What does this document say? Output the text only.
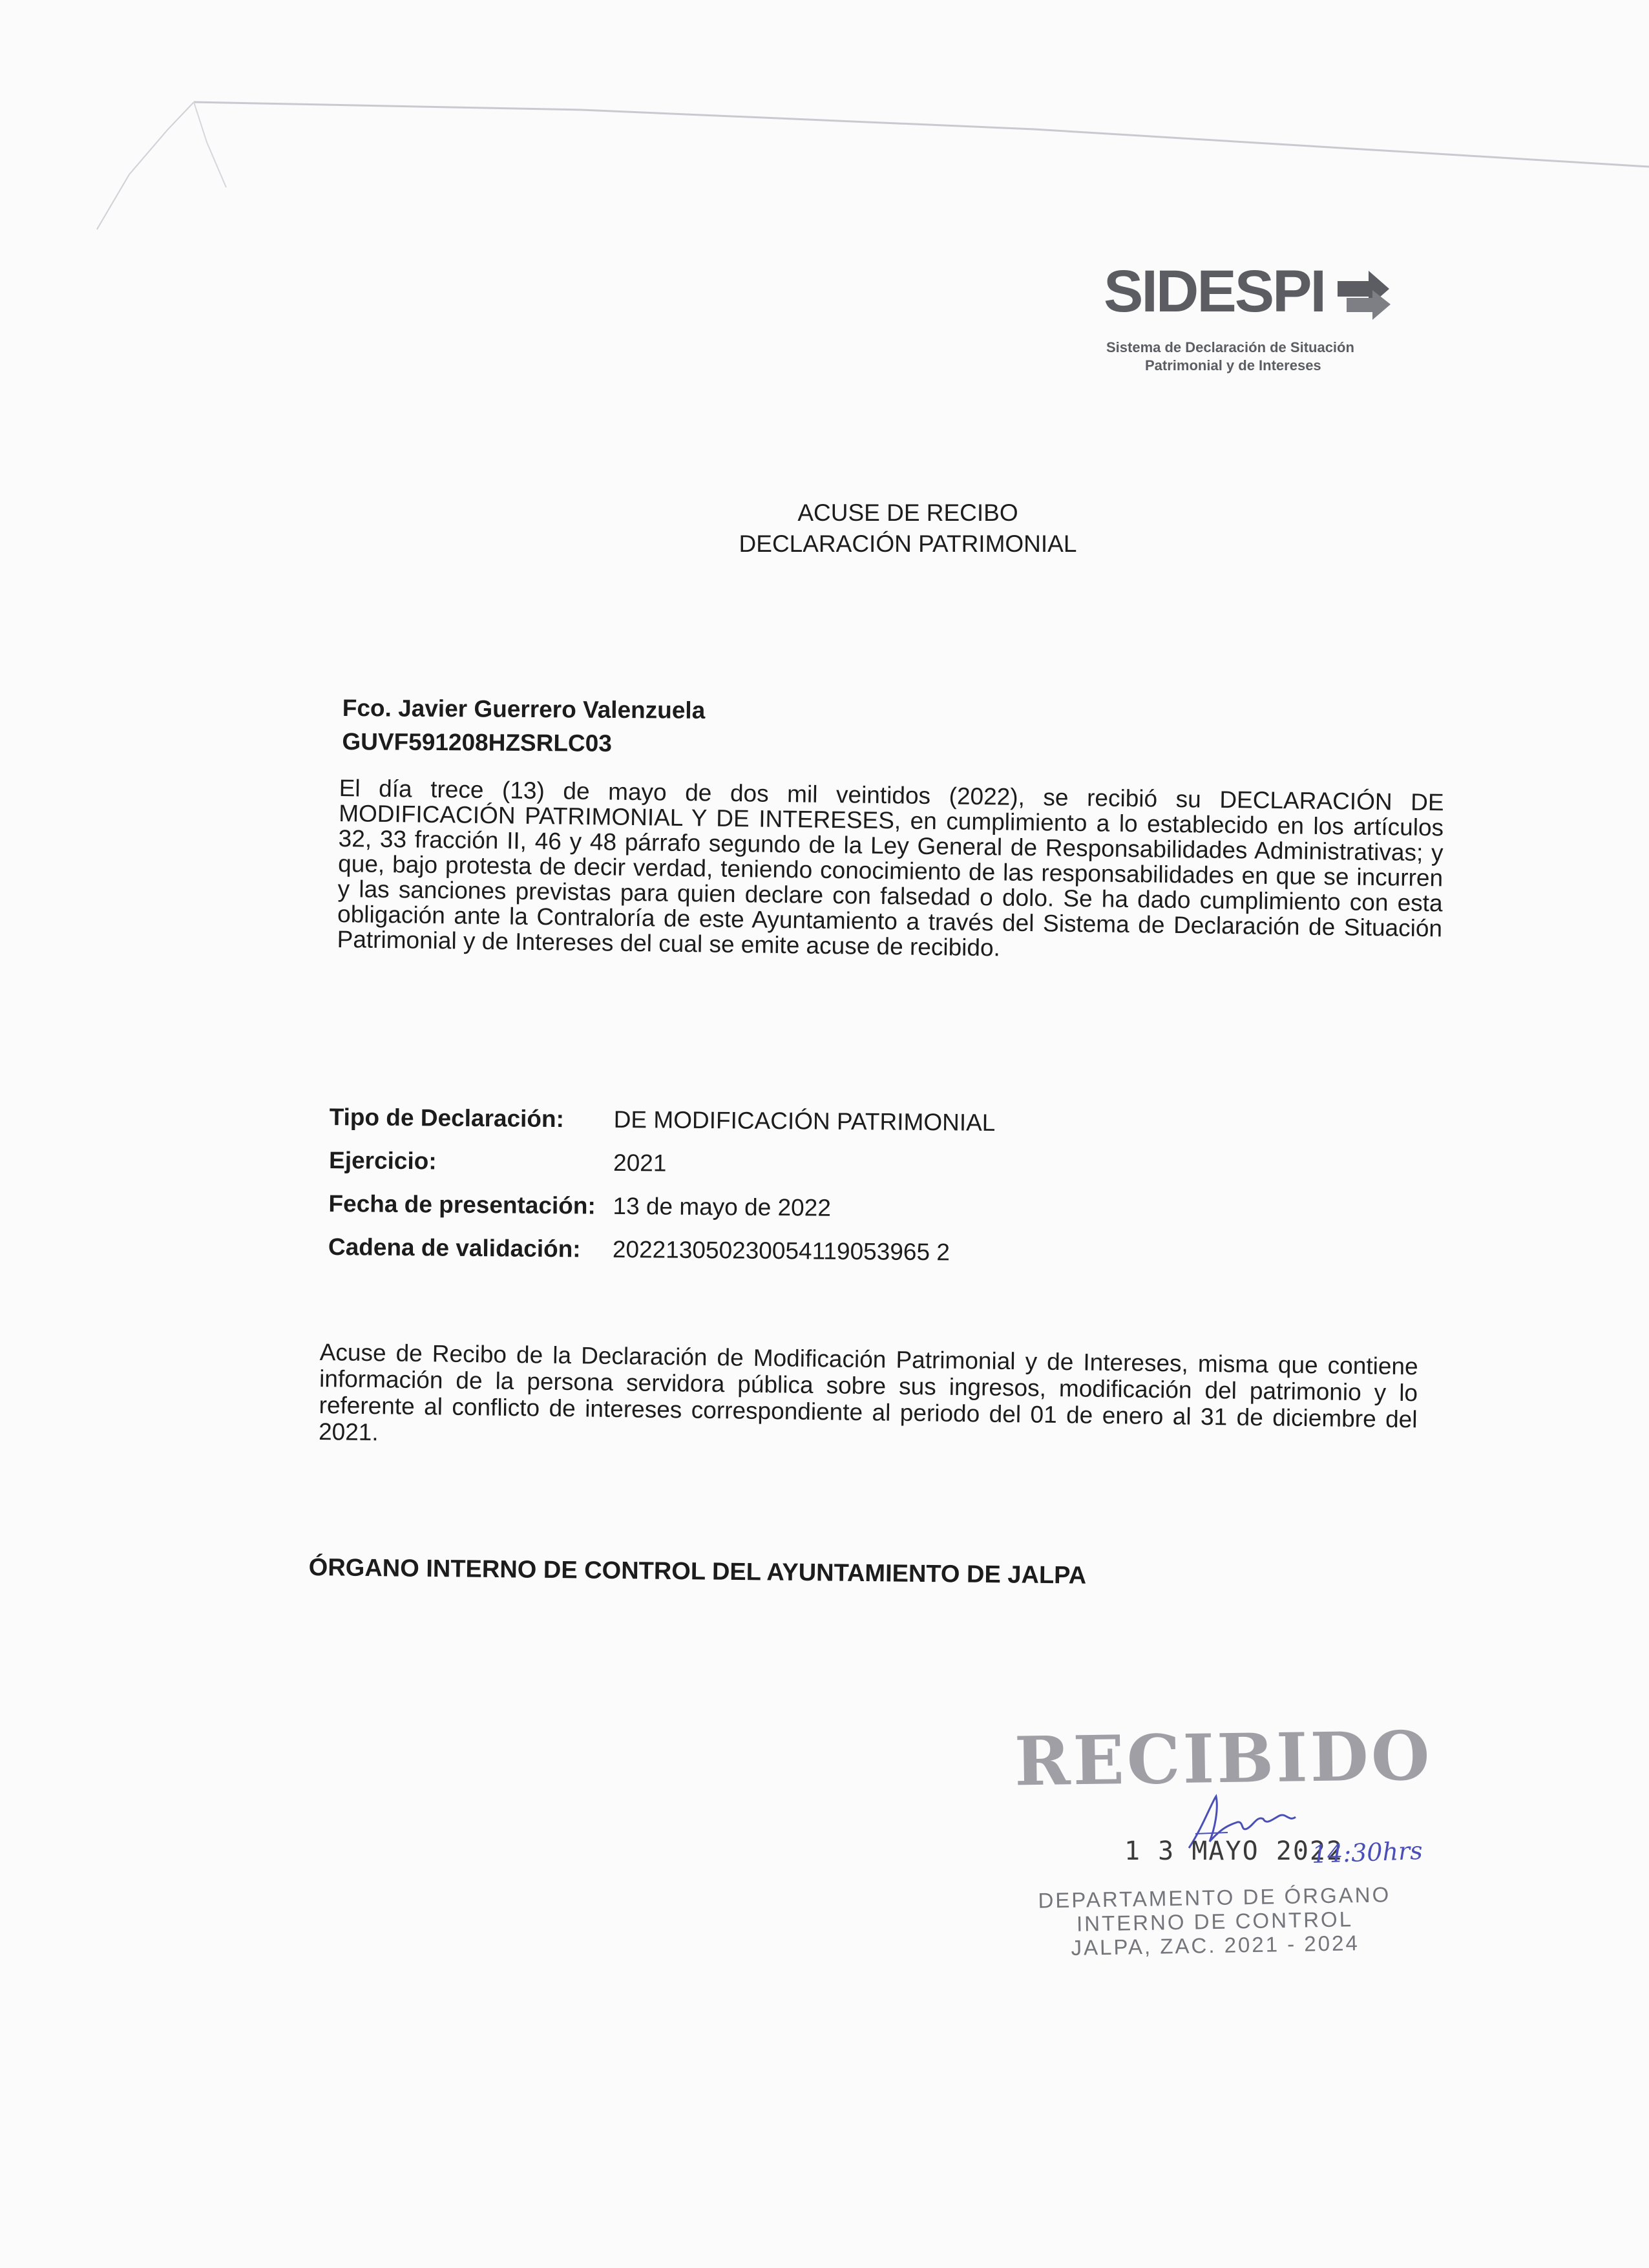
SIDESPI
Sistema de Declaración de Situación
Patrimonial y de Intereses
ACUSE DE RECIBO
DECLARACIÓN PATRIMONIAL
Fco. Javier Guerrero Valenzuela
GUVF591208HZSRLC03
El día trece (13) de mayo de dos mil veintidos (2022), se recibió su DECLARACIÓN DE MODIFICACIÓN PATRIMONIAL Y DE INTERESES, en cumplimiento a lo establecido en los artículos 32, 33 fracción II, 46 y 48 párrafo segundo de la Ley General de Responsabilidades Administrativas; y que, bajo protesta de decir verdad, teniendo conocimiento de las responsabilidades en que se incurren y las sanciones previstas para quien declare con falsedad o dolo. Se ha dado cumplimiento con esta obligación ante la Contraloría de este Ayuntamiento a través del Sistema de Declaración de Situación Patrimonial y de Intereses del cual se emite acuse de recibido.
Tipo de Declaración:	DE MODIFICACIÓN PATRIMONIAL
Ejercicio:	2021
Fecha de presentación: 13 de mayo de 2022
Cadena de validación:	202213050230054119053965 2
Acuse de Recibo de la Declaración de Modificación Patrimonial y de Intereses, misma que contiene información de la persona servidora pública sobre sus ingresos, modificación del patrimonio y lo referente al conflicto de intereses correspondiente al periodo del 01 de enero al 31 de diciembre del 2021.
ÓRGANO INTERNO DE CONTROL DEL AYUNTAMIENTO DE JALPA
RECIBIDO
1 3 MAYO 2022
14:30hrs
DEPARTAMENTO DE ÓRGANO
INTERNO DE CONTROL
JALPA, ZAC. 2021 - 2024
